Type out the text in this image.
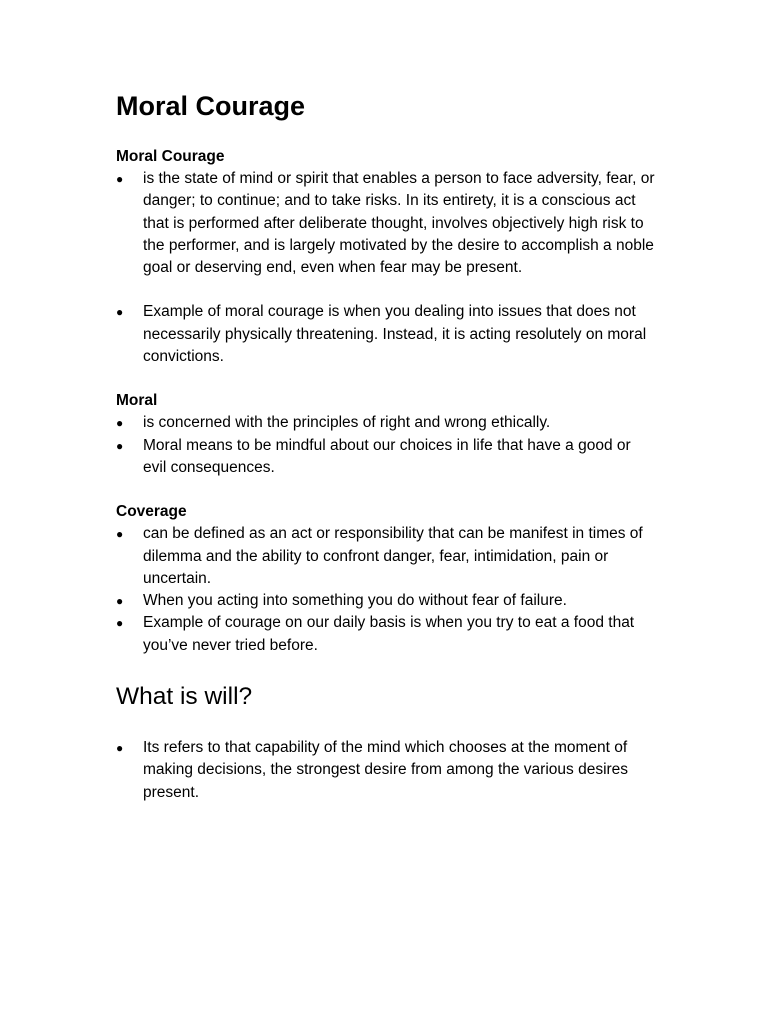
Moral Courage

Moral Courage

●	is the state of mind or spirit that enables a person to face adversity, fear, or danger; to continue; and to take risks. In its entirety, it is a conscious act that is performed after deliberate thought, involves objectively high risk to the performer, and is largely motivated by the desire to accomplish a noble goal or deserving end, even when fear may be present.
●	Example of moral courage is when you dealing into issues that does not necessarily physically threatening. Instead, it is acting resolutely on moral convictions.

Moral

●	is concerned with the principles of right and wrong ethically.
●	Moral means to be mindful about our choices in life that have a good or evil consequences.

Coverage

●	can be defined as an act or responsibility that can be manifest in times of dilemma and the ability to confront danger, fear, intimidation, pain or uncertain.
●	When you acting into something you do without fear of failure.
●	Example of courage on our daily basis is when you try to eat a food that you’ve never tried before.
What is will?
●	Its refers to that capability of the mind which chooses at the moment of making decisions, the strongest desire from among the various desires present.
